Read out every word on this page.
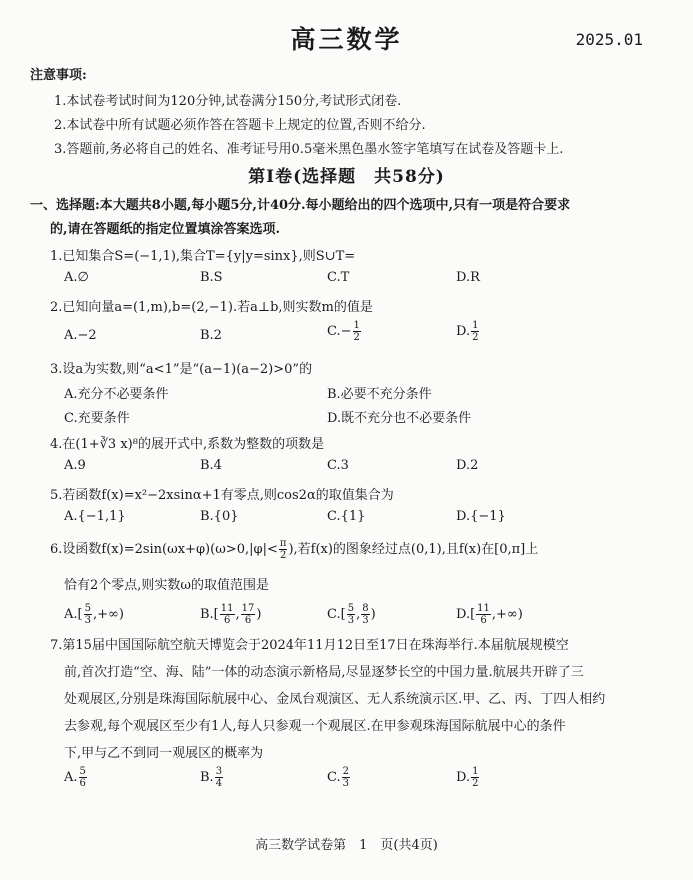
高三数学	2025.01
注意事项:
1.本试卷考试时间为120分钟,试卷满分150分,考试形式闭卷.
2.本试卷中所有试题必须作答在答题卡上规定的位置,否则不给分.
3.答题前,务必将自己的姓名、准考证号用0.5毫米黑色墨水签字笔填写在试卷及答题卡上.
第Ⅰ卷(选择题　共58分)
一、选择题:本大题共8小题,每小题5分,计40分.每小题给出的四个选项中,只有一项是符合要求
的,请在答题纸的指定位置填涂答案选项.
1.已知集合S=(−1,1),集合T={y|y=sinx},则S∪T=
A.∅	B.S	C.T	D.R
2.已知向量a=(1,m),b=(2,−1).若a⊥b,则实数m的值是
A.−2	B.2	$C.- \frac{1}{2}$	D. $\frac{1}{2}$
3.设a为实数,则“a<1”是“(a−1)(a−2)>0”的
A.充分不必要条件	B.必要不充分条件
C.充要条件	D.既不充分也不必要条件
4.在(1+∛3 x)⁸的展开式中,系数为整数的项数是
A.9	B.4	C.3	D.2
5.若函数f(x)=x²−2xsinα+1有零点,则cos2α的取值集合为
A.{−1,1}	B.{0}	C.{1}	D.{−1}
6.设函数$f(x)=2\sin(\omega x+\varphi)(\omega>0,|\varphi|< \frac{\pi}{2}$ ),若f(x)的图象经过点(0,1),且f(x)在[0,π]上
恰有2个零点,则实数ω的取值范围是
$A.[ \frac{5}{3}$ ,+∞)	$B.[ \frac{11}{6}$ , $\frac{17}{6}$ )	$C.[ \frac{5}{3}$ , $\frac{8}{3}$ )	$D.[ \frac{11}{6}$ ,+∞)
7.第15届中国国际航空航天博览会于2024年11月12日至17日在珠海举行.本届航展规模空
前,首次打造“空、海、陆”一体的动态演示新格局,尽显逐梦长空的中国力量.航展共开辟了三
处观展区,分别是珠海国际航展中心、金凤台观演区、无人系统演示区.甲、乙、丙、丁四人相约
去参观,每个观展区至少有1人,每人只参观一个观展区.在甲参观珠海国际航展中心的条件
下,甲与乙不到同一观展区的概率为
A. $\frac{5}{6}$	B. $\frac{3}{4}$	C. $\frac{2}{3}$	D. $\frac{1}{2}$
高三数学试卷第　1　页(共4页)
